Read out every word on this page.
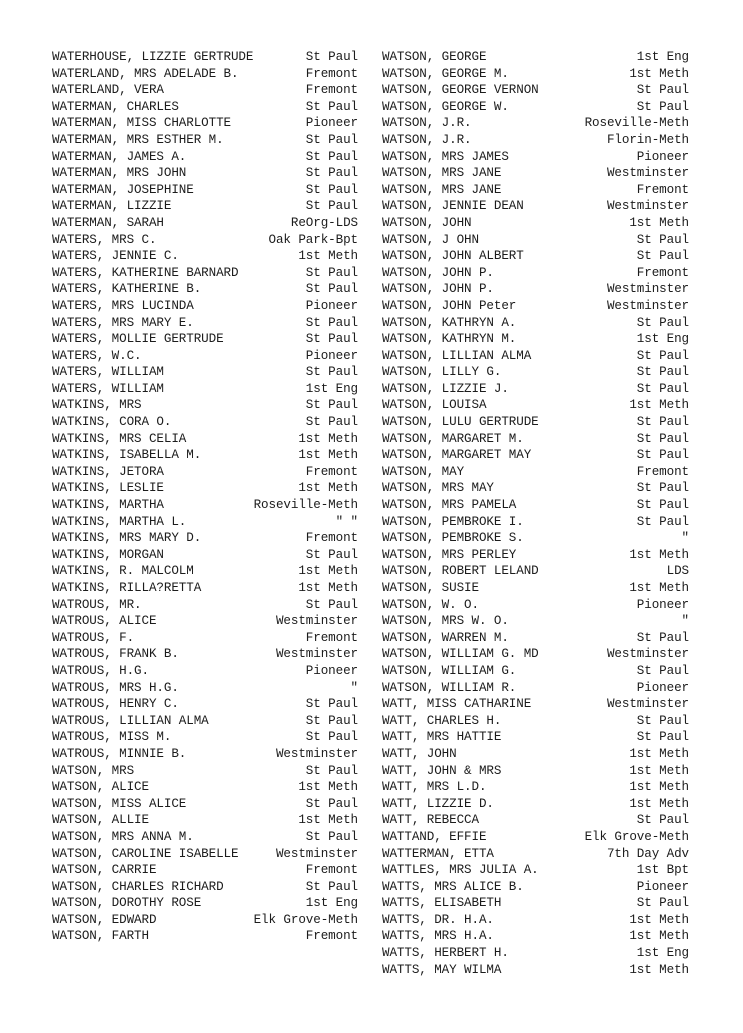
WATERHOUSE, LIZZIE GERTRUDE	St Paul
WATERLAND, MRS ADELADE B.	Fremont
WATERLAND, VERA	Fremont
WATERMAN, CHARLES	St Paul
WATERMAN, MISS CHARLOTTE	Pioneer
WATERMAN, MRS ESTHER M.	St Paul
WATERMAN, JAMES A.	St Paul
WATERMAN, MRS JOHN	St Paul
WATERMAN, JOSEPHINE	St Paul
WATERMAN, LIZZIE	St Paul
WATERMAN, SARAH	ReOrg-LDS
WATERS, MRS C.	Oak Park-Bpt
WATERS, JENNIE C.	1st Meth
WATERS, KATHERINE BARNARD	St Paul
WATERS, KATHERINE B.	St Paul
WATERS, MRS LUCINDA	Pioneer
WATERS, MRS MARY E.	St Paul
WATERS, MOLLIE GERTRUDE	St Paul
WATERS, W.C.	Pioneer
WATERS, WILLIAM	St Paul
WATERS, WILLIAM	1st Eng
WATKINS, MRS	St Paul
WATKINS, CORA O.	St Paul
WATKINS, MRS CELIA	1st Meth
WATKINS, ISABELLA M.	1st Meth
WATKINS, JETORA	Fremont
WATKINS, LESLIE	1st Meth
WATKINS, MARTHA	Roseville-Meth
WATKINS, MARTHA L.	" "
WATKINS, MRS MARY D.	Fremont
WATKINS, MORGAN	St Paul
WATKINS, R. MALCOLM	1st Meth
WATKINS, RILLA?RETTA	1st Meth
WATROUS, MR.	St Paul
WATROUS, ALICE	Westminster
WATROUS, F.	Fremont
WATROUS, FRANK B.	Westminster
WATROUS, H.G.	Pioneer
WATROUS, MRS H.G.	"
WATROUS, HENRY C.	St Paul
WATROUS, LILLIAN ALMA	St Paul
WATROUS, MISS M.	St Paul
WATROUS, MINNIE B.	Westminster
WATSON, MRS	St Paul
WATSON, ALICE	1st Meth
WATSON, MISS ALICE	St Paul
WATSON, ALLIE	1st Meth
WATSON, MRS ANNA M.	St Paul
WATSON, CAROLINE ISABELLE	Westminster
WATSON, CARRIE	Fremont
WATSON, CHARLES RICHARD	St Paul
WATSON, DOROTHY ROSE	1st Eng
WATSON, EDWARD	Elk Grove-Meth
WATSON, FARTH	Fremont
WATSON, GEORGE	1st Eng
WATSON, GEORGE M.	1st Meth
WATSON, GEORGE VERNON	St Paul
WATSON, GEORGE W.	St Paul
WATSON, J.R.	Roseville-Meth
WATSON, J.R.	Florin-Meth
WATSON, MRS JAMES	Pioneer
WATSON, MRS JANE	Westminster
WATSON, MRS JANE	Fremont
WATSON, JENNIE DEAN	Westminster
WATSON, JOHN	1st Meth
WATSON, J OHN	St Paul
WATSON, JOHN ALBERT	St Paul
WATSON, JOHN P.	Fremont
WATSON, JOHN P.	Westminster
WATSON, JOHN Peter	Westminster
WATSON, KATHRYN A.	St Paul
WATSON, KATHRYN M.	1st Eng
WATSON, LILLIAN ALMA	St Paul
WATSON, LILLY G.	St Paul
WATSON, LIZZIE J.	St Paul
WATSON, LOUISA	1st Meth
WATSON, LULU GERTRUDE	St Paul
WATSON, MARGARET M.	St Paul
WATSON, MARGARET MAY	St Paul
WATSON, MAY	Fremont
WATSON, MRS MAY	St Paul
WATSON, MRS PAMELA	St Paul
WATSON, PEMBROKE I.	St Paul
WATSON, PEMBROKE S.	"
WATSON, MRS PERLEY	1st Meth
WATSON, ROBERT LELAND	LDS
WATSON, SUSIE	1st Meth
WATSON, W. O.	Pioneer
WATSON, MRS W. O.	"
WATSON, WARREN M.	St Paul
WATSON, WILLIAM G. MD	Westminster
WATSON, WILLIAM G.	St Paul
WATSON, WILLIAM R.	Pioneer
WATT, MISS CATHARINE	Westminster
WATT, CHARLES H.	St Paul
WATT, MRS HATTIE	St Paul
WATT, JOHN	1st Meth
WATT, JOHN & MRS	1st Meth
WATT, MRS L.D.	1st Meth
WATT, LIZZIE D.	1st Meth
WATT, REBECCA	St Paul
WATTAND, EFFIE	Elk Grove-Meth
WATTERMAN, ETTA	7th Day Adv
WATTLES, MRS JULIA A.	1st Bpt
WATTS, MRS ALICE B.	Pioneer
WATTS, ELISABETH	St Paul
WATTS, DR. H.A.	1st Meth
WATTS, MRS H.A.	1st Meth
WATTS, HERBERT H.	1st Eng
WATTS, MAY WILMA	1st Meth
